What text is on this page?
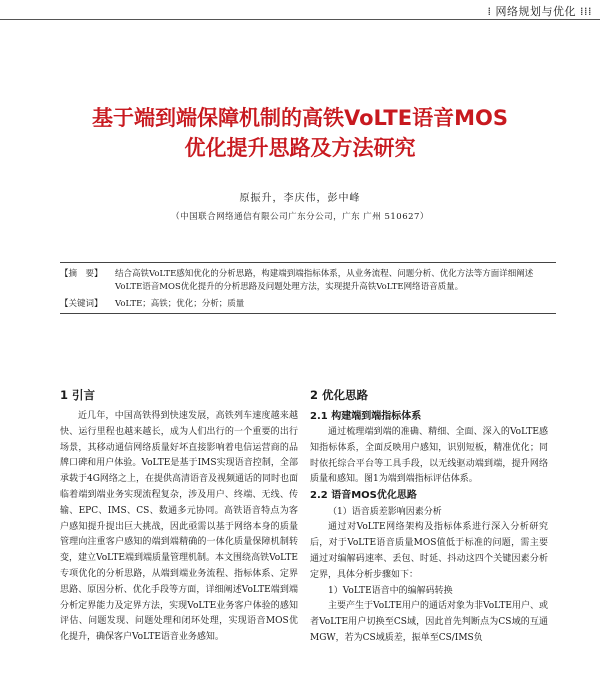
⁞ 网络规划与优化 ⁞⁞⁞
基于端到端保障机制的高铁VoLTE语音MOS
优化提升思路及方法研究
原振升，李庆伟，彭中峰
（中国联合网络通信有限公司广东分公司，广东 广州 510627）
【摘　要】 结合高铁VoLTE感知优化的分析思路，构建端到端指标体系，从业务流程、问题分析、优化方法等方面详细阐述VoLTE语音MOS优化提升的分析思路及问题处理方法，实现提升高铁VoLTE网络语音质量。
【关键词】 VoLTE；高铁；优化；分析；质量
1 引言

近几年，中国高铁得到快速发展，高铁列车速度越来越快、运行里程也越来越长，成为人们出行的一个重要的出行场景，其移动通信网络质量好坏直接影响着电信运营商的品牌口碑和用户体验。VoLTE是基于IMS实现语音控制，全部承载于4G网络之上，在提供高清语音及视频通话的同时也面临着端到端业务实现流程复杂，涉及用户、终端、无线、传输、EPC、IMS、CS、数通多元协同。高铁语音特点为客户感知提升提出巨大挑战，因此亟需以基于网络本身的质量管理向注重客户感知的端到端精确的一体化质量保障机制转变，建立VoLTE端到端质量管理机制。本文围绕高铁VoLTE专项优化的分析思路，从端到端业务流程、指标体系、定界思路、原因分析、优化手段等方面，详细阐述VoLTE端到端分析定界能力及定界方法，实现VoLTE业务客户体验的感知评估、问题发现、问题处理和闭环处理，实现语音MOS优化提升，确保客户VoLTE语音业务感知。

2 优化思路
2.1 构建端到端指标体系

通过梳理端到端的准确、精细、全面、深入的VoLTE感知指标体系，全面反映用户感知，识别短板，精准优化；同时依托综合平台等工具手段，以无线驱动端到端，提升网络质量和感知。图1为端到端指标评估体系。

2.2 语音MOS优化思路
（1）语音质差影响因素分析

通过对VoLTE网络架构及指标体系进行深入分析研究后，对于VoLTE语音质量MOS值低于标准的问题，需主要通过对编解码速率、丢包、时延、抖动这四个关键因素分析定界，具体分析步骤如下：

1）VoLTE语音中的编解码转换

主要产生于VoLTE用户的通话对象为非VoLTE用户、或者VoLTE用户切换至CS域，因此首先判断点为CS域的互通MGW，若为CS域质差，振单至CS/IMS负
